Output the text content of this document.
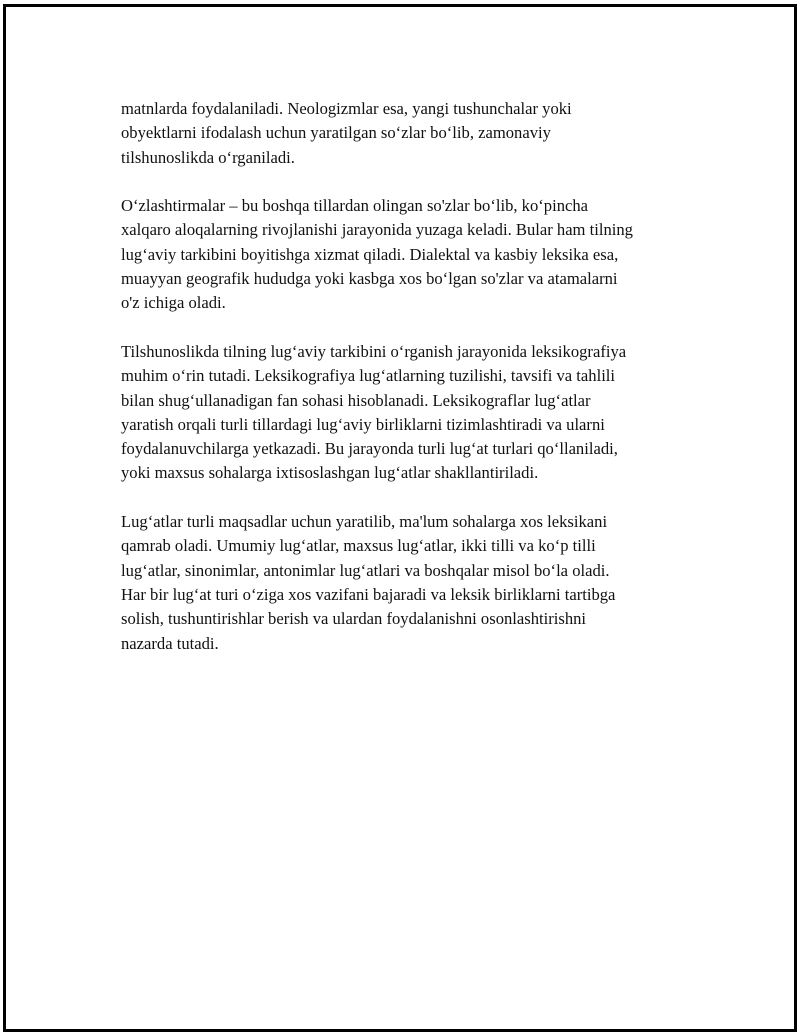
matnlarda foydalaniladi. Neologizmlar esa, yangi tushunchalar yoki
obyektlarni ifodalash uchun yaratilgan so‘zlar bo‘lib, zamonaviy
tilshunoslikda o‘rganiladi.

O‘zlashtirmalar – bu boshqa tillardan olingan so'zlar bo‘lib, ko‘pincha
xalqaro aloqalarning rivojlanishi jarayonida yuzaga keladi. Bular ham tilning
lug‘aviy tarkibini boyitishga xizmat qiladi. Dialektal va kasbiy leksika esa,
muayyan geografik hududga yoki kasbga xos bo‘lgan so'zlar va atamalarni
o'z ichiga oladi.

Tilshunoslikda tilning lug‘aviy tarkibini o‘rganish jarayonida leksikografiya
muhim o‘rin tutadi. Leksikografiya lug‘atlarning tuzilishi, tavsifi va tahlili
bilan shug‘ullanadigan fan sohasi hisoblanadi. Leksikograflar lug‘atlar
yaratish orqali turli tillardagi lug‘aviy birliklarni tizimlashtiradi va ularni
foydalanuvchilarga yetkazadi. Bu jarayonda turli lug‘at turlari qo‘llaniladi,
yoki maxsus sohalarga ixtisoslashgan lug‘atlar shakllantiriladi.

Lug‘atlar turli maqsadlar uchun yaratilib, ma'lum sohalarga xos leksikani
qamrab oladi. Umumiy lug‘atlar, maxsus lug‘atlar, ikki tilli va ko‘p tilli
lug‘atlar, sinonimlar, antonimlar lug‘atlari va boshqalar misol bo‘la oladi.
Har bir lug‘at turi o‘ziga xos vazifani bajaradi va leksik birliklarni tartibga
solish, tushuntirishlar berish va ulardan foydalanishni osonlashtirishni
nazarda tutadi.
